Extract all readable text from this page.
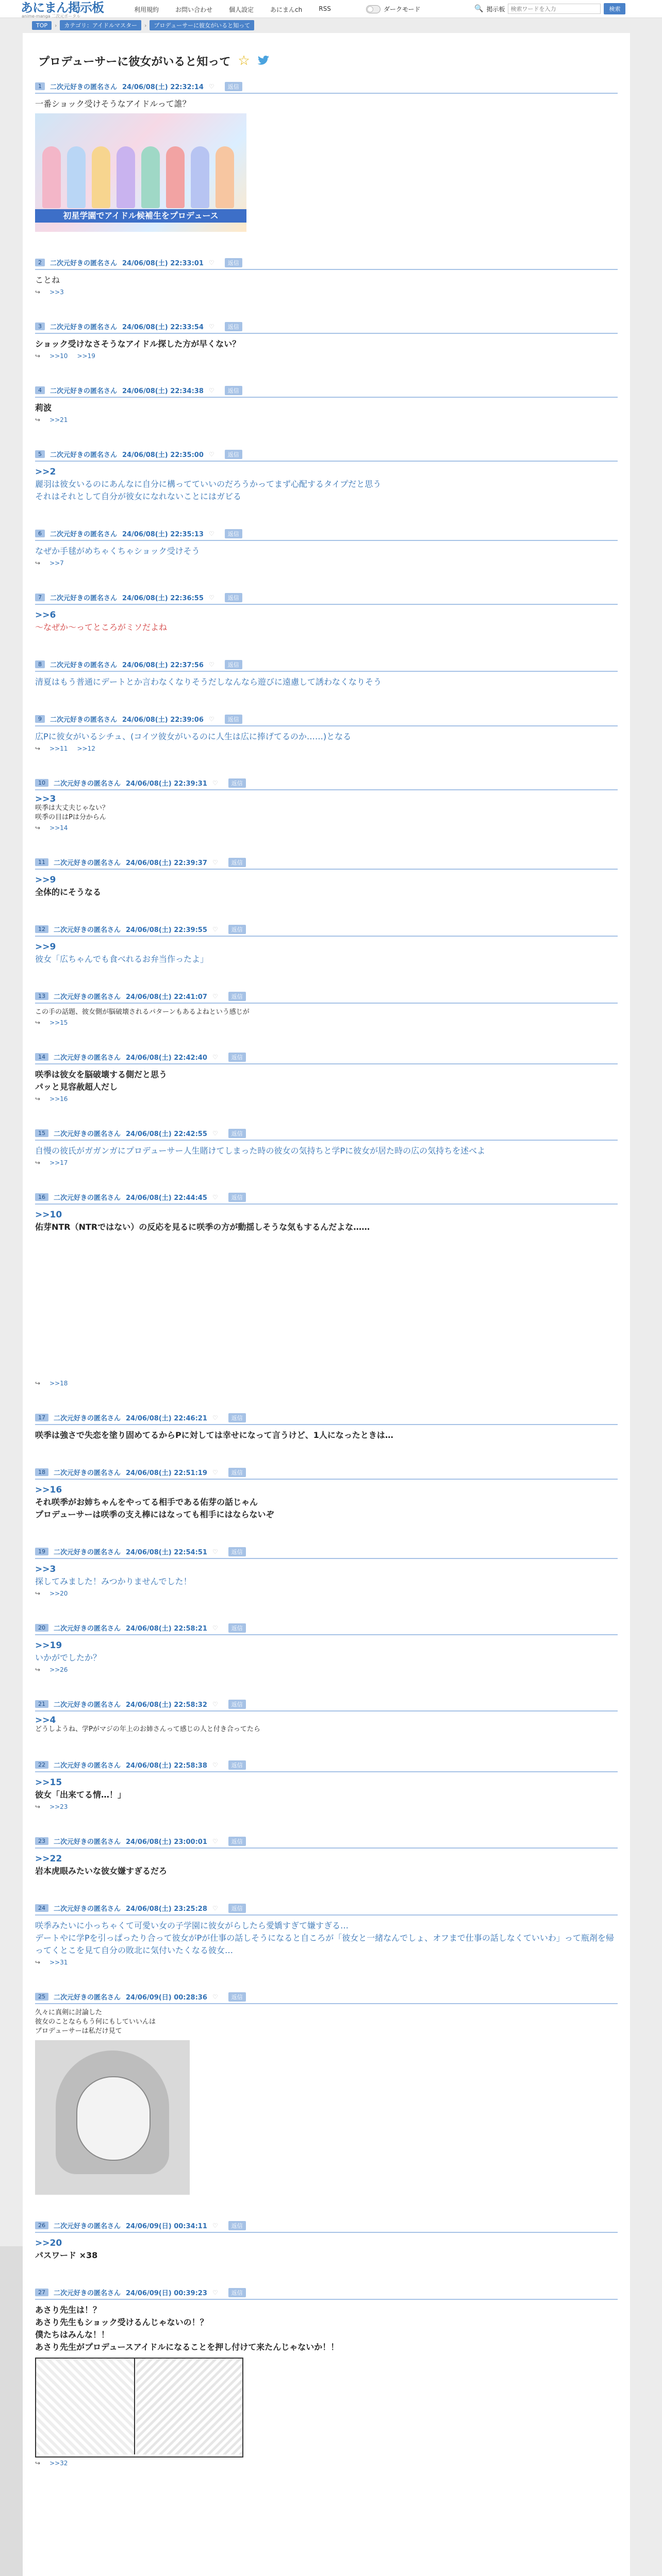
あにまん掲示板
anime-manga 二次元ポータル
利用規約	お問い合わせ	個人設定	あにまんch	RSS	ダークモード	🔍 掲示板
検索ワードを入力	検索
TOP	›	カテゴリ：アイドルマスター	›	プロデューサーに彼女がいると知って
プロデューサーに彼女がいると知って ☆
1	二次元好きの匿名さん 24/06/08(土) 22:32:14 ♡	返信
一番ショック受けそうなアイドルって誰？
初星学園でアイドル候補生をプロデュース
2	二次元好きの匿名さん 24/06/08(土) 22:33:01 ♡	返信
ことね
↪ >>3
3	二次元好きの匿名さん 24/06/08(土) 22:33:54 ♡	返信
ショック受けなさそうなアイドル探した方が早くない？
↪ >>10 >>19
4	二次元好きの匿名さん 24/06/08(土) 22:34:38 ♡	返信
莉波
↪ >>21
5	二次元好きの匿名さん 24/06/08(土) 22:35:00 ♡	返信
>>2
麗羽は彼女いるのにあんなに自分に構ってていいのだろうかってまず心配するタイプだと思う
それはそれとして自分が彼女になれないことにはガビる
6	二次元好きの匿名さん 24/06/08(土) 22:35:13 ♡	返信
なぜか手毬がめちゃくちゃショック受けそう
↪ >>7
7	二次元好きの匿名さん 24/06/08(土) 22:36:55 ♡	返信
>>6
～なぜか～ってところがミソだよね
8	二次元好きの匿名さん 24/06/08(土) 22:37:56 ♡	返信
清夏はもう普通にデートとか言わなくなりそうだしなんなら遊びに遠慮して誘わなくなりそう
9	二次元好きの匿名さん 24/06/08(土) 22:39:06 ♡	返信
広Pに彼女がいるシチュ、(コイツ彼女がいるのに人生は広に捧げてるのか……)となる
↪ >>11 >>12
10	二次元好きの匿名さん 24/06/08(土) 22:39:31 ♡	返信
>>3
咲季は大丈夫じゃない？
咲季の目はPは分からん
↪ >>14
11	二次元好きの匿名さん 24/06/08(土) 22:39:37 ♡	返信
>>9
全体的にそうなる
12	二次元好きの匿名さん 24/06/08(土) 22:39:55 ♡	返信
>>9
彼女「広ちゃんでも食べれるお弁当作ったよ」
13	二次元好きの匿名さん 24/06/08(土) 22:41:07 ♡	返信
この手の話題、彼女側が脳破壊されるパターンもあるよねという感じが
↪ >>15
14	二次元好きの匿名さん 24/06/08(土) 22:42:40 ♡	返信
咲季は彼女を脳破壊する側だと思う
パッと見容赦超人だし
↪ >>16
15	二次元好きの匿名さん 24/06/08(土) 22:42:55 ♡	返信
自慢の彼氏がガガンガにプロデューサー人生賭けてしまった時の彼女の気持ちと学Pに彼女が居た時の広の気持ちを述べよ
↪ >>17
16	二次元好きの匿名さん 24/06/08(土) 22:44:45 ♡	返信
>>10
佑芽NTR（NTRではない）の反応を見るに咲季の方が動揺しそうな気もするんだよな……
↪ >>18
17	二次元好きの匿名さん 24/06/08(土) 22:46:21 ♡	返信
咲季は強さで失恋を塗り固めてるからPに対しては幸せになって言うけど、1人になったときは…
18	二次元好きの匿名さん 24/06/08(土) 22:51:19 ♡	返信
>>16
それ咲季がお姉ちゃんをやってる相手である佑芽の話じゃん
プロデューサーは咲季の支え棒にはなっても相手にはならないぞ
19	二次元好きの匿名さん 24/06/08(土) 22:54:51 ♡	返信
>>3
探してみました！みつかりませんでした！
↪ >>20
20	二次元好きの匿名さん 24/06/08(土) 22:58:21 ♡	返信
>>19
いかがでしたか？
↪ >>26
21	二次元好きの匿名さん 24/06/08(土) 22:58:32 ♡	返信
>>4
どうしようね、学Pがマジの年上のお姉さんって感じの人と付き合ってたら
22	二次元好きの匿名さん 24/06/08(土) 22:58:38 ♡	返信
>>15
彼女「出来てる情…！」
↪ >>23
23	二次元好きの匿名さん 24/06/08(土) 23:00:01 ♡	返信
>>22
岩本虎眼みたいな彼女嫌すぎるだろ
24	二次元好きの匿名さん 24/06/08(土) 23:25:28 ♡	返信
咲季みたいに小っちゃくて可愛い女の子学園に彼女がらしたら愛嬌すぎて嫌すぎる…
デートやに学Pを引っぱったり合って彼女がPが仕事の話しそうになると自ころが「彼女と一緒なんでしょ、オフまで仕事の話しなくていいわ」って瓶剤を帰ってくとこを見て自分の敗北に気付いたくなる彼女…
↪ >>31
25	二次元好きの匿名さん 24/06/09(日) 00:28:36 ♡	返信
久々に真剣に討論した
彼女のことならもう何にもしていいんは
プロデューサーは私だけ見て
26	二次元好きの匿名さん 24/06/09(日) 00:34:11 ♡	返信
>>20
パスワード ×38
27	二次元好きの匿名さん 24/06/09(日) 00:39:23 ♡	返信
あさり先生は！？
あさり先生もショック受けるんじゃないの！？
僕たちはみんな！！
あさり先生がプロデュースアイドルになることを押し付けて来たんじゃないか！！
↪ >>32
